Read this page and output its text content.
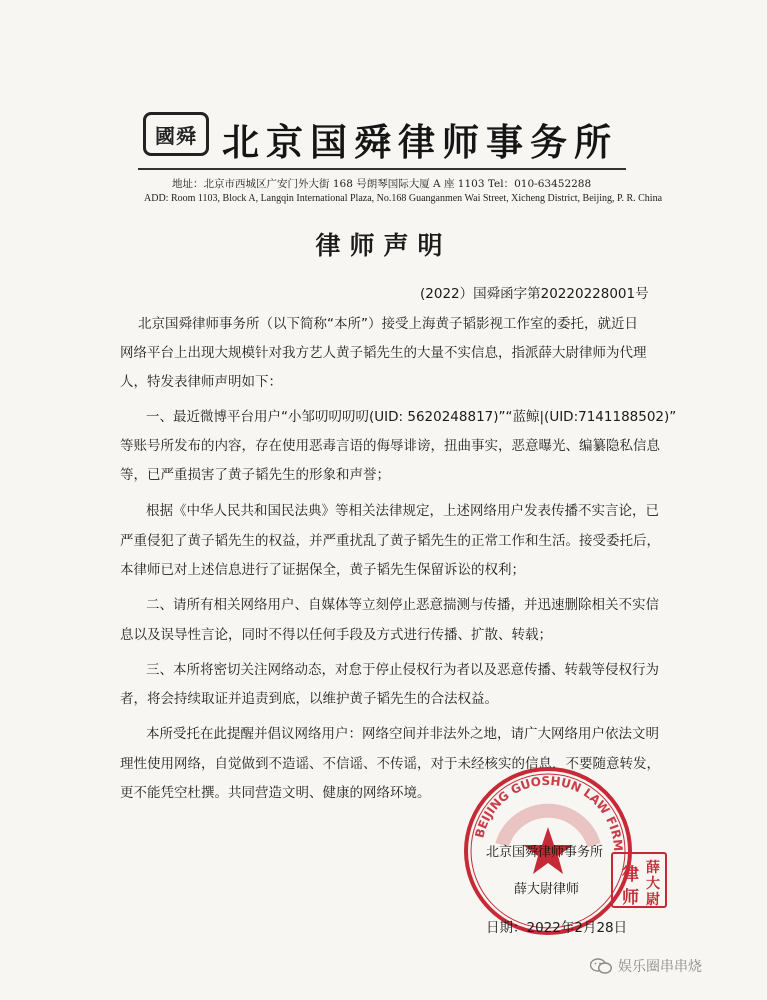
國舜 北京国舜律师事务所
地址：北京市西城区广安门外大街 168 号朗琴国际大厦 A 座 1103 Tel：010-63452288
ADD: Room 1103, Block A, Langqin International Plaza, No.168 Guanganmen Wai Street, Xicheng District, Beijing, P. R. China
律师声明
(2022）国舜函字第20220228001号
北京国舜律师事务所（以下简称“本所”）接受上海黄子韬影视工作室的委托，就近日
网络平台上出现大规模针对我方艺人黄子韬先生的大量不实信息，指派薛大尉律师为代理
人，特发表律师声明如下：
一、最近微博平台用户“小邹叨叨叨叨(UID: 5620248817)”“蓝鲸|(UID:7141188502)”
等账号所发布的内容，存在使用恶毒言语的侮辱诽谤，扭曲事实，恶意曝光、编纂隐私信息
等，已严重损害了黄子韬先生的形象和声誉；
根据《中华人民共和国民法典》等相关法律规定，上述网络用户发表传播不实言论，已
严重侵犯了黄子韬先生的权益，并严重扰乱了黄子韬先生的正常工作和生活。接受委托后，
本律师已对上述信息进行了证据保全，黄子韬先生保留诉讼的权利；
二、请所有相关网络用户、自媒体等立刻停止恶意揣测与传播，并迅速删除相关不实信
息以及误导性言论，同时不得以任何手段及方式进行传播、扩散、转载；
三、本所将密切关注网络动态，对怠于停止侵权行为者以及恶意传播、转载等侵权行为
者，将会持续取证并追责到底，以维护黄子韬先生的合法权益。
本所受托在此提醒并倡议网络用户：网络空间并非法外之地，请广大网络用户依法文明
理性使用网络，自觉做到不造谣、不信谣、不传谣，对于未经核实的信息，不要随意转发，
更不能凭空杜撰。共同营造文明、健康的网络环境。
BEIJING GUOSHUN LAW FIRM
北京国舜律师事务所
薛大尉律师
律
师
薛
大
尉
日期：2022年2月28日
娱乐圈串串烧
